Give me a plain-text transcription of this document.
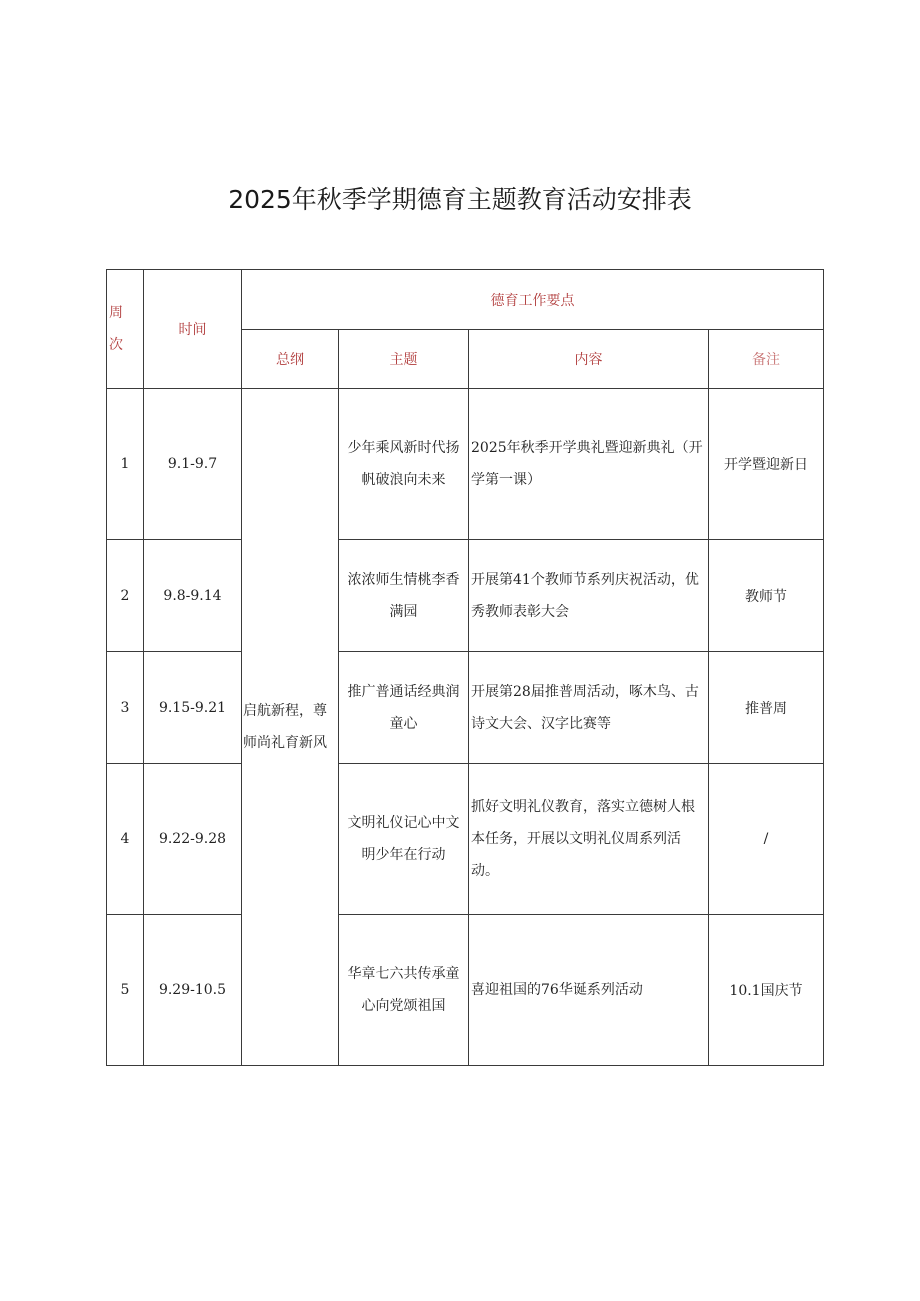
2025年秋季学期德育主题教育活动安排表
周
次	时间	德育工作要点			
		总纲	主题	内容	备注
1	9.1-9.7	启航新程，尊师尚礼育新风	少年乘风新时代扬帆破浪向未来	2025年秋季开学典礼暨迎新典礼（开学第一课）	开学暨迎新日
2	9.8-9.14		浓浓师生情桃李香满园	开展第41个教师节系列庆祝活动，优秀教师表彰大会	教师节
3	9.15-9.21		推广普通话经典润童心	开展第28届推普周活动，啄木鸟、古诗文大会、汉字比赛等	推普周
4	9.22-9.28		文明礼仪记心中文明少年在行动	抓好文明礼仪教育，落实立德树人根本任务，开展以文明礼仪周系列活动。	/
5	9.29-10.5		华章七六共传承童心向党颂祖国	喜迎祖国的76华诞系列活动	10.1国庆节
